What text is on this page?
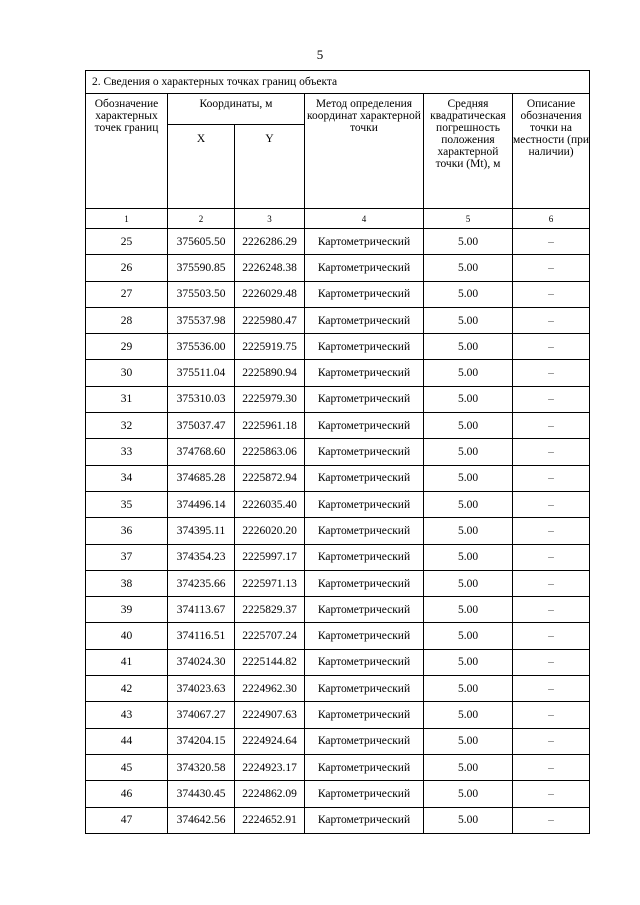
5
2. Сведения о характерных точках границ объекта					
Обозначение характерных точек границ	Координаты, м		Метод определения координат характерной точки	Средняя квадратическая погрешность положения характерной точки (Mt), м	Описание обозначения точки на местности (при наличии)
	X	Y			
1	2	3	4	5	6
25	375605.50	2226286.29	Картометрический	5.00	–
26	375590.85	2226248.38	Картометрический	5.00	–
27	375503.50	2226029.48	Картометрический	5.00	–
28	375537.98	2225980.47	Картометрический	5.00	–
29	375536.00	2225919.75	Картометрический	5.00	–
30	375511.04	2225890.94	Картометрический	5.00	–
31	375310.03	2225979.30	Картометрический	5.00	–
32	375037.47	2225961.18	Картометрический	5.00	–
33	374768.60	2225863.06	Картометрический	5.00	–
34	374685.28	2225872.94	Картометрический	5.00	–
35	374496.14	2226035.40	Картометрический	5.00	–
36	374395.11	2226020.20	Картометрический	5.00	–
37	374354.23	2225997.17	Картометрический	5.00	–
38	374235.66	2225971.13	Картометрический	5.00	–
39	374113.67	2225829.37	Картометрический	5.00	–
40	374116.51	2225707.24	Картометрический	5.00	–
41	374024.30	2225144.82	Картометрический	5.00	–
42	374023.63	2224962.30	Картометрический	5.00	–
43	374067.27	2224907.63	Картометрический	5.00	–
44	374204.15	2224924.64	Картометрический	5.00	–
45	374320.58	2224923.17	Картометрический	5.00	–
46	374430.45	2224862.09	Картометрический	5.00	–
47	374642.56	2224652.91	Картометрический	5.00	–
